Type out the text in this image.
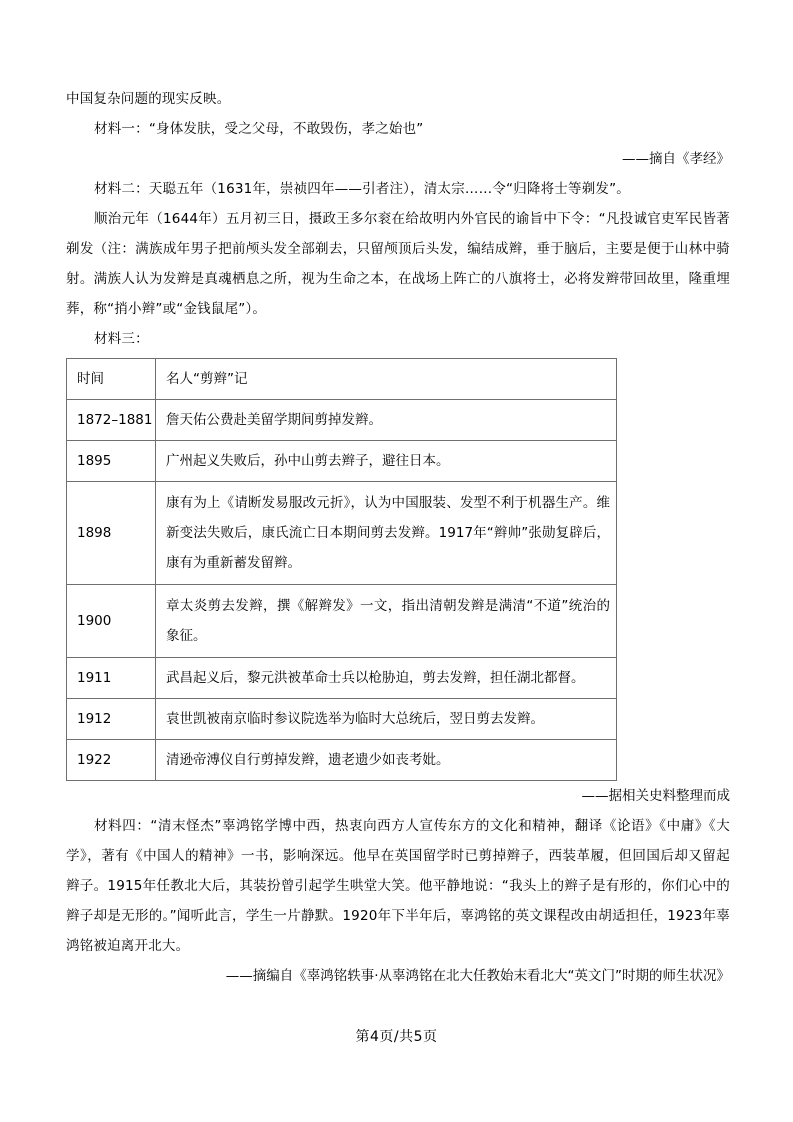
中国复杂问题的现实反映。

材料一：“身体发肤，受之父母，不敢毁伤，孝之始也”

——摘自《孝经》

材料二：天聪五年（1631年，崇祯四年——引者注），清太宗……令“归降将士等剃发”。

顺治元年（1644年）五月初三日，摄政王多尔衮在给故明内外官民的谕旨中下令：“凡投诚官吏军民皆著剃发（注：满族成年男子把前颅头发全部剃去，只留颅顶后头发，编结成辫，垂于脑后，主要是便于山林中骑射。满族人认为发辫是真魂栖息之所，视为生命之本，在战场上阵亡的八旗将士，必将发辫带回故里，隆重埋葬，称“捎小辫”或“金钱鼠尾”）。

材料三：

时间	名人“剪辫”记
1872–1881	詹天佑公费赴美留学期间剪掉发辫。
1895	广州起义失败后，孙中山剪去辫子，避往日本。
1898	康有为上《请断发易服改元折》，认为中国服装、发型不利于机器生产。维新变法失败后，康氏流亡日本期间剪去发辫。1917年“辫帅”张勋复辟后，康有为重新蓄发留辫。
1900	章太炎剪去发辫，撰《解辫发》一文，指出清朝发辫是满清“不道”统治的象征。
1911	武昌起义后，黎元洪被革命士兵以枪胁迫，剪去发辫，担任湖北都督。
1912	袁世凯被南京临时参议院选举为临时大总统后，翌日剪去发辫。
1922	清逊帝溥仪自行剪掉发辫，遗老遗少如丧考妣。

——据相关史料整理而成

材料四：“清末怪杰”辜鸿铭学博中西，热衷向西方人宣传东方的文化和精神，翻译《论语》《中庸》《大学》，著有《中国人的精神》一书，影响深远。他早在英国留学时已剪掉辫子，西装革履，但回国后却又留起辫子。1915年任教北大后，其装扮曾引起学生哄堂大笑。他平静地说：“我头上的辫子是有形的，你们心中的辫子却是无形的。”闻听此言，学生一片静默。1920年下半年后，辜鸿铭的英文课程改由胡适担任，1923年辜鸿铭被迫离开北大。

——摘编自《辜鸿铭轶事·从辜鸿铭在北大任教始末看北大“英文门”时期的师生状况》

第4页/共5页
